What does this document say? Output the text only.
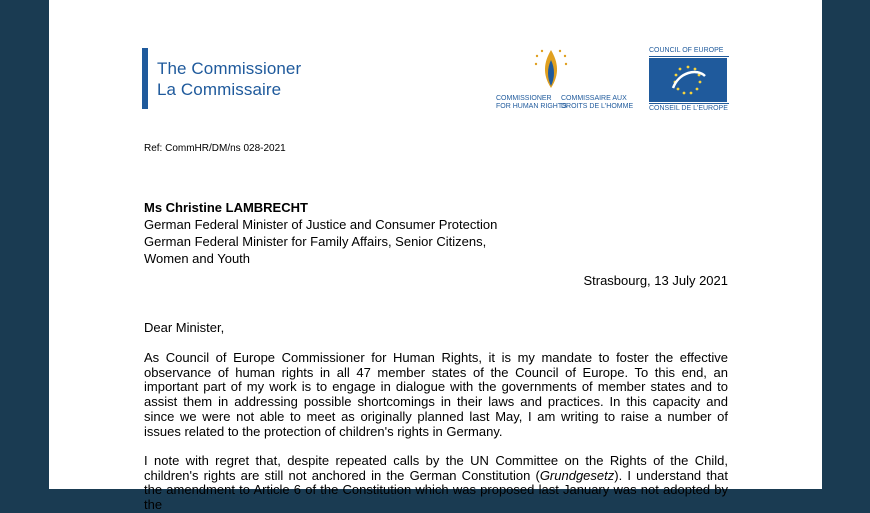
The Commissioner
La Commissaire	COMMISSIONER
FOR HUMAN RIGHTS
COMMISSAIRE AUX
DROITS DE L'HOMME
COUNCIL OF EUROPE
CONSEIL DE L'EUROPE
Ref: CommHR/DM/ns 028-2021
Ms Christine LAMBRECHT
German Federal Minister of Justice and Consumer Protection
German Federal Minister for Family Affairs, Senior Citizens,
Women and Youth
Strasbourg, 13 July 2021
Dear Minister,
As Council of Europe Commissioner for Human Rights, it is my mandate to foster the effective observance of human rights in all 47 member states of the Council of Europe. To this end, an important part of my work is to engage in dialogue with the governments of member states and to assist them in addressing possible shortcomings in their laws and practices. In this capacity and since we were not able to meet as originally planned last May, I am writing to raise a number of issues related to the protection of children's rights in Germany.
I note with regret that, despite repeated calls by the UN Committee on the Rights of the Child, children's rights are still not anchored in the German Constitution (Grundgesetz). I understand that the amendment to Article 6 of the Constitution which was proposed last January was not adopted by the
